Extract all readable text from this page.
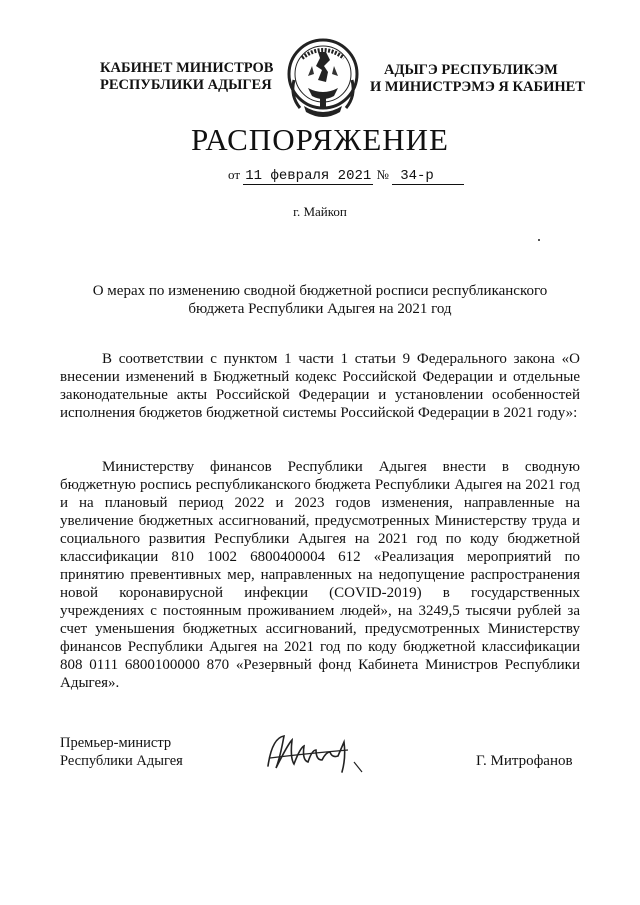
КАБИНЕТ МИНИСТРОВ
РЕСПУБЛИКИ АДЫГЕЯ
АДЫГЭ РЕСПУБЛИКЭМ
И МИНИСТРЭМЭ Я КАБИНЕТ
РАСПОРЯЖЕНИЕ
от 11 февраля 2021 № 34-р
г. Майкоп
О мерах по изменению сводной бюджетной росписи республиканского
бюджета Республики Адыгея на 2021 год
В соответствии с пунктом 1 части 1 статьи 9 Федерального закона «О внесении изменений в Бюджетный кодекс Российской Федерации и отдельные законодательные акты Российской Федерации и установлении особенностей исполнения бюджетов бюджетной системы Российской Федерации в 2021 году»:
Министерству финансов Республики Адыгея внести в сводную бюджетную роспись республиканского бюджета Республики Адыгея на 2021 год и на плановый период 2022 и 2023 годов изменения, направленные на увеличение бюджетных ассигнований, предусмотренных Министерству труда и социального развития Республики Адыгея на 2021 год по коду бюджетной классификации 810 1002 6800400004 612 «Реализация мероприятий по принятию превентивных мер, направленных на недопущение распространения новой коронавирусной инфекции (COVID-2019) в государственных учреждениях с постоянным проживанием людей», на 3249,5 тысячи рублей за счет уменьшения бюджетных ассигнований, предусмотренных Министерству финансов Республики Адыгея на 2021 год по коду бюджетной классификации 808 0111 6800100000 870 «Резервный фонд Кабинета Министров Республики Адыгея».
Премьер-министр
Республики Адыгея	Г. Митрофанов
